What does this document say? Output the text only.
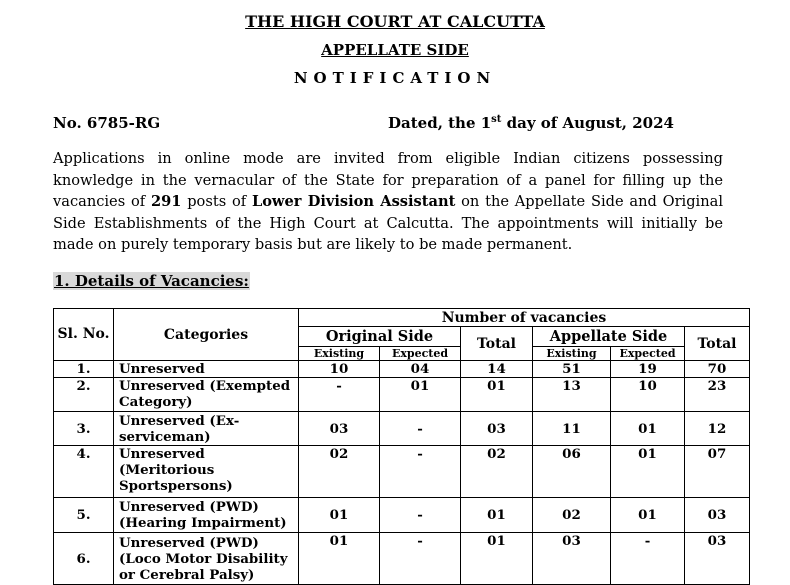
THE HIGH COURT AT CALCUTTA
APPELLATE SIDE
NOTIFICATION
No. 6785-RG	Dated, the 1st day of August, 2024
Applications in online mode are invited from eligible Indian citizens possessing knowledge in the vernacular of the State for preparation of a panel for filling up the vacancies of 291 posts of Lower Division Assistant on the Appellate Side and Original Side Establishments of the High Court at Calcutta. The appointments will initially be made on purely temporary basis but are likely to be made permanent.
1. Details of Vacancies:
Sl. No.	Categories	Number of vacancies					
		Original Side		Total	Appellate Side		Total
		Existing	Expected		Existing	Expected	
1.	Unreserved	10	04	14	51	19	70
2.	Unreserved (Exempted Category)	-	01	01	13	10	23
3.	Unreserved (Ex-serviceman)	03	-	03	11	01	12
4.	Unreserved (Meritorious Sportspersons)	02	-	02	06	01	07
5.	Unreserved (PWD) (Hearing Impairment)	01	-	01	02	01	03
6.	Unreserved (PWD) (Loco Motor Disability or Cerebral Palsy)	01	-	01	03	-	03
